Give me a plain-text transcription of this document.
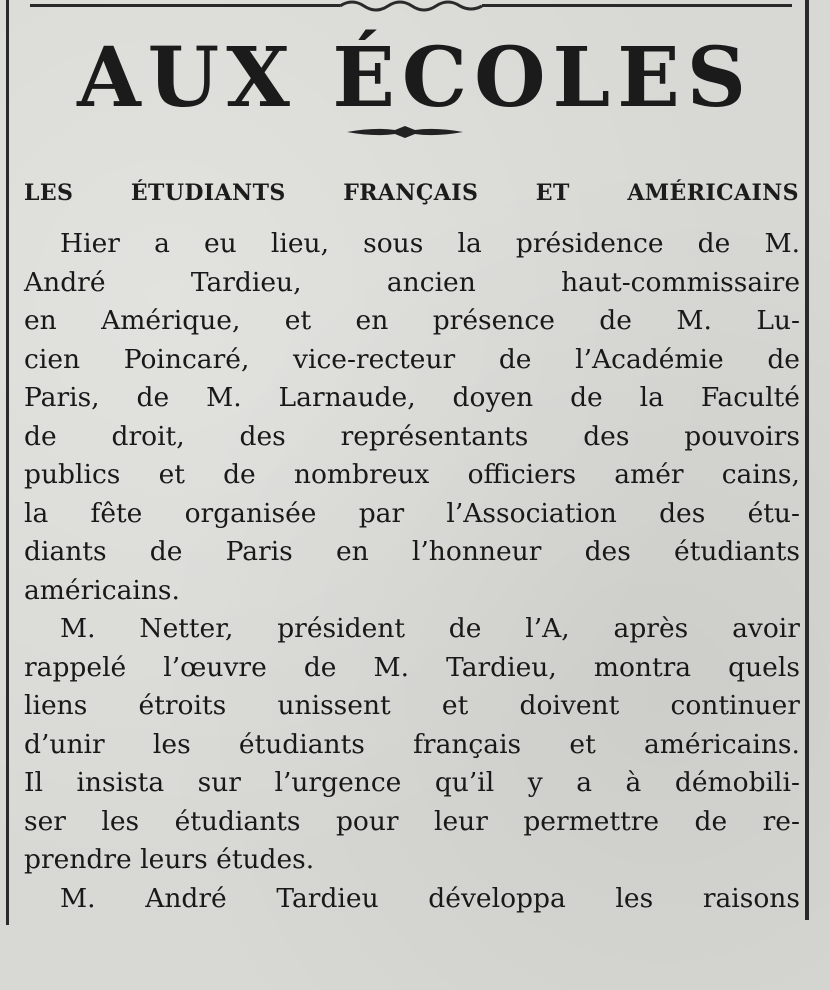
AUX ÉCOLES
LES	ÉTUDIANTS	FRANÇAIS	ET	AMÉRICAINS
Hier a eu lieu, sous la présidence de M.
André	Tardieu,	ancien	haut-commissaire
en Amérique, et en présence de M. Lu-
cien Poincaré, vice-recteur de l’Académie de
Paris, de M. Larnaude, doyen de la Faculté
de droit, des représentants des pouvoirs
publics et de nombreux officiers amér cains,
la fête organisée par l’Association des étu-
diants de Paris en l’honneur des étudiants
américains.
M. Netter, président de l’A, après avoir
rappelé l’œuvre de M. Tardieu, montra quels
liens étroits unissent et doivent continuer
d’unir les étudiants français et américains.
Il insista sur l’urgence qu’il y a à démobili-
ser les étudiants pour leur permettre de re-
prendre leurs études.
M. André Tardieu développa les raisons
